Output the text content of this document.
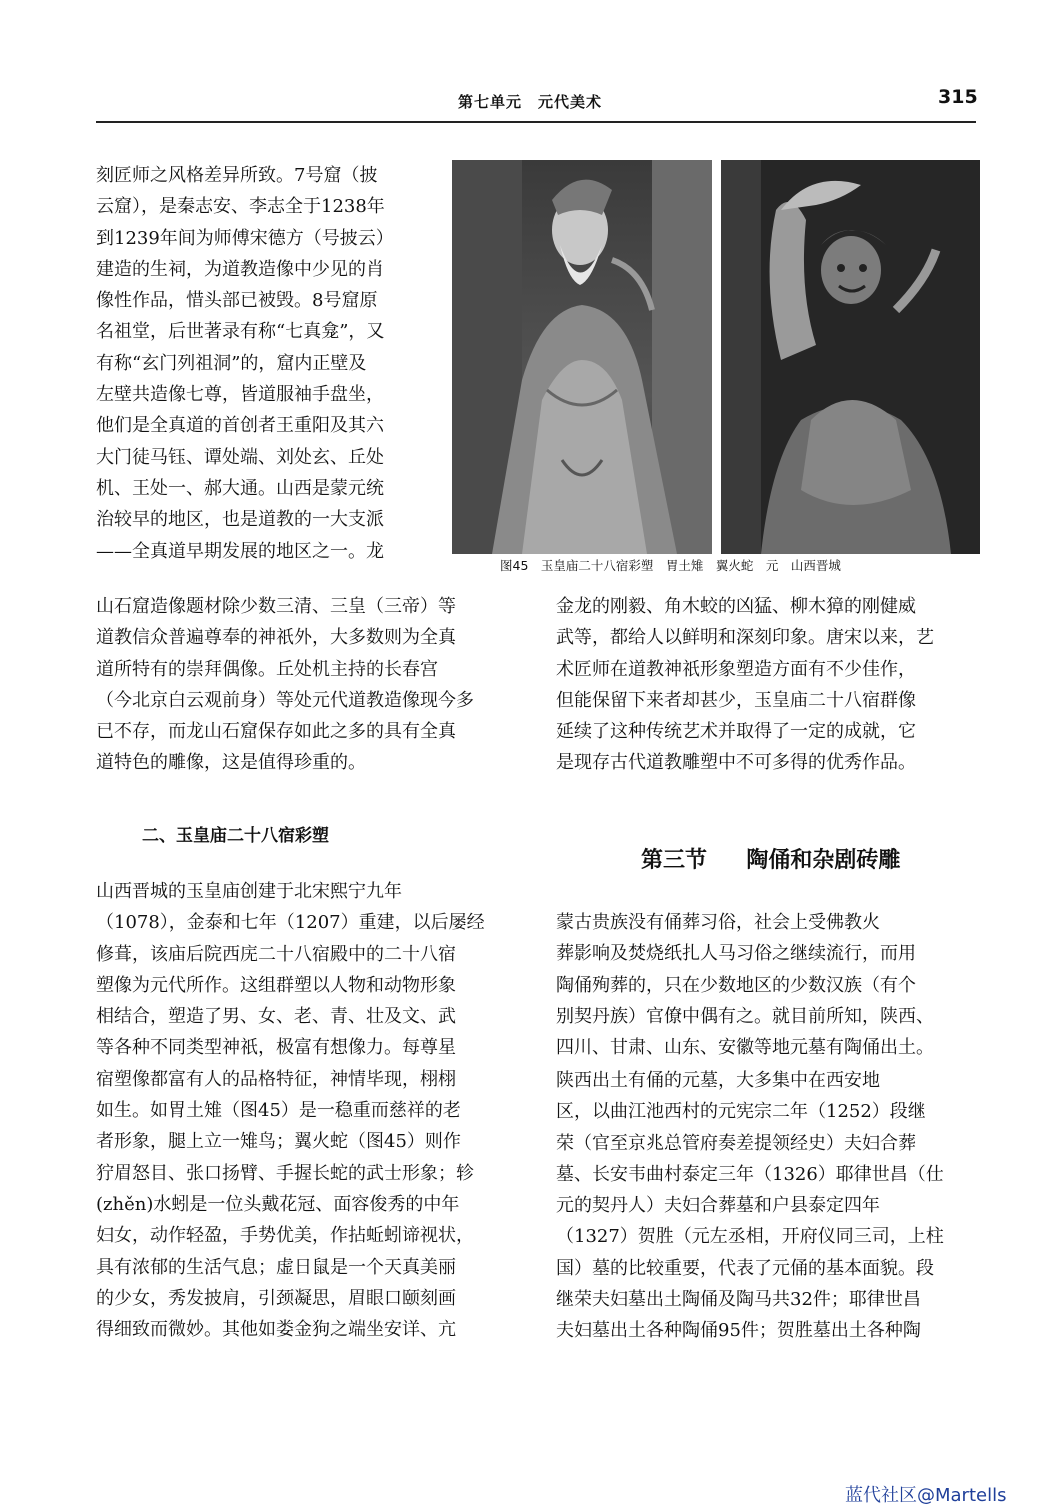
第七单元　元代美术	315
刻匠师之风格差异所致。7号窟（披
云窟），是秦志安、李志全于1238年
到1239年间为师傅宋德方（号披云）
建造的生祠，为道教造像中少见的肖
像性作品，惜头部已被毁。8号窟原
名祖堂，后世著录有称“七真龛”，又
有称“玄门列祖洞”的，窟内正壁及
左壁共造像七尊，皆道服袖手盘坐，
他们是全真道的首创者王重阳及其六
大门徒马钰、谭处端、刘处玄、丘处
机、王处一、郝大通。山西是蒙元统
治较早的地区，也是道教的一大支派
——全真道早期发展的地区之一。龙
图45　玉皇庙二十八宿彩塑　胃土雉　翼火蛇　元　山西晋城
山石窟造像题材除少数三清、三皇（三帝）等
道教信众普遍尊奉的神祇外，大多数则为全真
道所特有的崇拜偶像。丘处机主持的长春宫
（今北京白云观前身）等处元代道教造像现今多
已不存，而龙山石窟保存如此之多的具有全真
道特色的雕像，这是值得珍重的。
二、玉皇庙二十八宿彩塑
山西晋城的玉皇庙创建于北宋熙宁九年
（1078），金泰和七年（1207）重建，以后屡经
修葺，该庙后院西庑二十八宿殿中的二十八宿
塑像为元代所作。这组群塑以人物和动物形象
相结合，塑造了男、女、老、青、壮及文、武
等各种不同类型神祇，极富有想像力。每尊星
宿塑像都富有人的品格特征，神情毕现，栩栩
如生。如胃土雉（图45）是一稳重而慈祥的老
者形象，腿上立一雉鸟；翼火蛇（图45）则作
狞眉怒目、张口扬臂、手握长蛇的武士形象；轸
(zhěn)水蚓是一位头戴花冠、面容俊秀的中年
妇女，动作轻盈，手势优美，作拈蚯蚓谛视状，
具有浓郁的生活气息；虚日鼠是一个天真美丽
的少女，秀发披肩，引颈凝思，眉眼口颐刻画
得细致而微妙。其他如娄金狗之端坐安详、亢
金龙的刚毅、角木蛟的凶猛、柳木獐的刚健威
武等，都给人以鲜明和深刻印象。唐宋以来，艺
术匠师在道教神祇形象塑造方面有不少佳作，
但能保留下来者却甚少，玉皇庙二十八宿群像
延续了这种传统艺术并取得了一定的成就，它
是现存古代道教雕塑中不可多得的优秀作品。
第三节 陶俑和杂剧砖雕
蒙古贵族没有俑葬习俗，社会上受佛教火
葬影响及焚烧纸扎人马习俗之继续流行，而用
陶俑殉葬的，只在少数地区的少数汉族（有个
别契丹族）官僚中偶有之。就目前所知，陕西、
四川、甘肃、山东、安徽等地元墓有陶俑出土。
陕西出土有俑的元墓，大多集中在西安地
区，以曲江池西村的元宪宗二年（1252）段继
荣（官至京兆总管府奏差提领经史）夫妇合葬
墓、长安韦曲村泰定三年（1326）耶律世昌（仕
元的契丹人）夫妇合葬墓和户县泰定四年
（1327）贺胜（元左丞相，开府仪同三司，上柱
国）墓的比较重要，代表了元俑的基本面貌。段
继荣夫妇墓出土陶俑及陶马共32件；耶律世昌
夫妇墓出土各种陶俑95件；贺胜墓出土各种陶
蓝代社区@Martells
